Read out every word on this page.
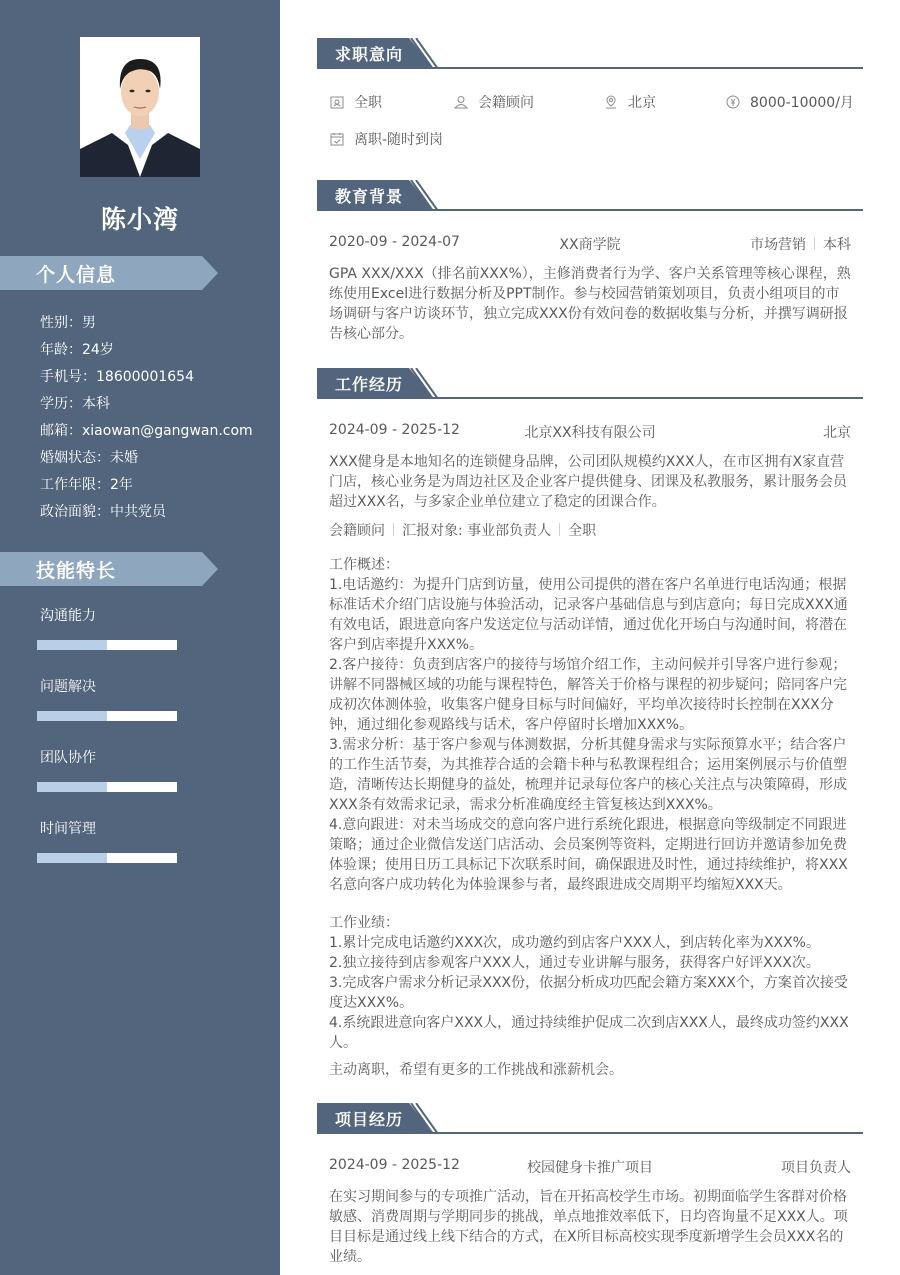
陈小湾
个人信息
性别：男
年龄：24岁
手机号：18600001654
学历：本科
邮箱：xiaowan@gangwan.com
婚姻状态：未婚
工作年限：2年
政治面貌：中共党员
技能特长
沟通能力
问题解决
团队协作
时间管理
求职意向
全职	会籍顾问	北京	8000-10000/月
离职-随时到岗
教育背景
2020-09 - 2024-07	XX商学院	市场营销 本科

GPA XXX/XXX（排名前XXX%），主修消费者行为学、客户关系管理等核心课程，熟练使用Excel进行数据分析及PPT制作。参与校园营销策划项目，负责小组项目的市场调研与客户访谈环节，独立完成XXX份有效问卷的数据收集与分析，并撰写调研报告核心部分。

工作经历
2024-09 - 2025-12	北京XX科技有限公司	北京

XXX健身是本地知名的连锁健身品牌，公司团队规模约XXX人，在市区拥有X家直营门店，核心业务是为周边社区及企业客户提供健身、团课及私教服务，累计服务会员超过XXX名，与多家企业单位建立了稳定的团课合作。

会籍顾问 汇报对象: 事业部负责人 全职

工作概述：

1.电话邀约：为提升门店到访量，使用公司提供的潜在客户名单进行电话沟通；根据标准话术介绍门店设施与体验活动，记录客户基础信息与到店意向；每日完成XXX通有效电话，跟进意向客户发送定位与活动详情，通过优化开场白与沟通时间，将潜在客户到店率提升XXX%。

2.客户接待：负责到店客户的接待与场馆介绍工作，主动问候并引导客户进行参观；讲解不同器械区域的功能与课程特色，解答关于价格与课程的初步疑问；陪同客户完成初次体测体验，收集客户健身目标与时间偏好，平均单次接待时长控制在XXX分钟，通过细化参观路线与话术，客户停留时长增加XXX%。

3.需求分析：基于客户参观与体测数据，分析其健身需求与实际预算水平；结合客户的工作生活节奏，为其推荐合适的会籍卡种与私教课程组合；运用案例展示与价值塑造，清晰传达长期健身的益处，梳理并记录每位客户的核心关注点与决策障碍，形成XXX条有效需求记录，需求分析准确度经主管复核达到XXX%。

4.意向跟进：对未当场成交的意向客户进行系统化跟进，根据意向等级制定不同跟进策略；通过企业微信发送门店活动、会员案例等资料，定期进行回访并邀请参加免费体验课；使用日历工具标记下次联系时间，确保跟进及时性，通过持续维护，将XXX名意向客户成功转化为体验课参与者，最终跟进成交周期平均缩短XXX天。

工作业绩：

1.累计完成电话邀约XXX次，成功邀约到店客户XXX人，到店转化率为XXX%。

2.独立接待到店参观客户XXX人，通过专业讲解与服务，获得客户好评XXX次。

3.完成客户需求分析记录XXX份，依据分析成功匹配会籍方案XXX个，方案首次接受度达XXX%。

4.系统跟进意向客户XXX人，通过持续维护促成二次到店XXX人，最终成功签约XXX人。

主动离职，希望有更多的工作挑战和涨薪机会。

项目经历
2024-09 - 2025-12	校园健身卡推广项目	项目负责人

在实习期间参与的专项推广活动，旨在开拓高校学生市场。初期面临学生客群对价格敏感、消费周期与学期同步的挑战，单点地推效率低下，日均咨询量不足XXX人。项目目标是通过线上线下结合的方式，在X所目标高校实现季度新增学生会员XXX名的业绩。
